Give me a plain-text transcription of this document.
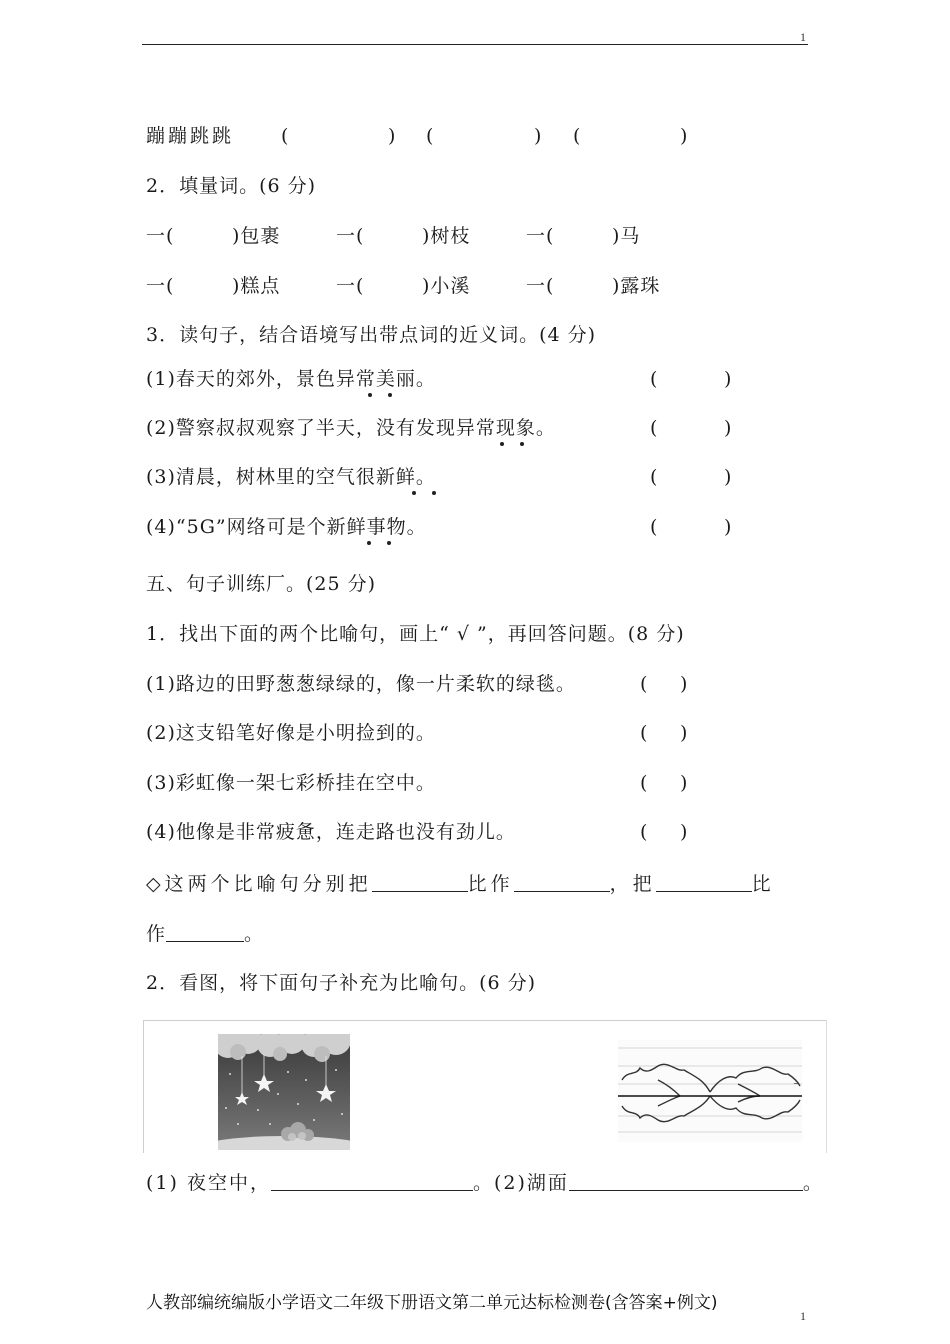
1
蹦蹦跳跳 (	) (	) (	)
2．填量词。(6 分)
一(	)包裹	一(	)树枝	一(	)马
一(	)糕点	一(	)小溪	一(	)露珠
3．读句子，结合语境写出带点词的近义词。(4 分)
(1)春天的郊外，景色异常美丽。	(	)
(2)警察叔叔观察了半天，没有发现异常现象。	(	)
(3)清晨，树林里的空气很新鲜。	(	)
(4)“5G”网络可是个新鲜事物。	(	)
五、句子训练厂。(25 分)
1．找出下面的两个比喻句，画上“ √ ”，再回答问题。(8 分)
(1)路边的田野葱葱绿绿的，像一片柔软的绿毯。	( )
(2)这支铅笔好像是小明捡到的。	( )
(3)彩虹像一架七彩桥挂在空中。	( )
(4)他像是非常疲惫，连走路也没有劲儿。	( )
◇这两个比喻句分别把	比作	，把	比
作	。
2．看图，将下面句子补充为比喻句。(6 分)
~
(1) 夜空中，	。(2)湖面	。
人教部编统编版小学语文二年级下册语文第二单元达标检测卷(含答案+例文)
1
